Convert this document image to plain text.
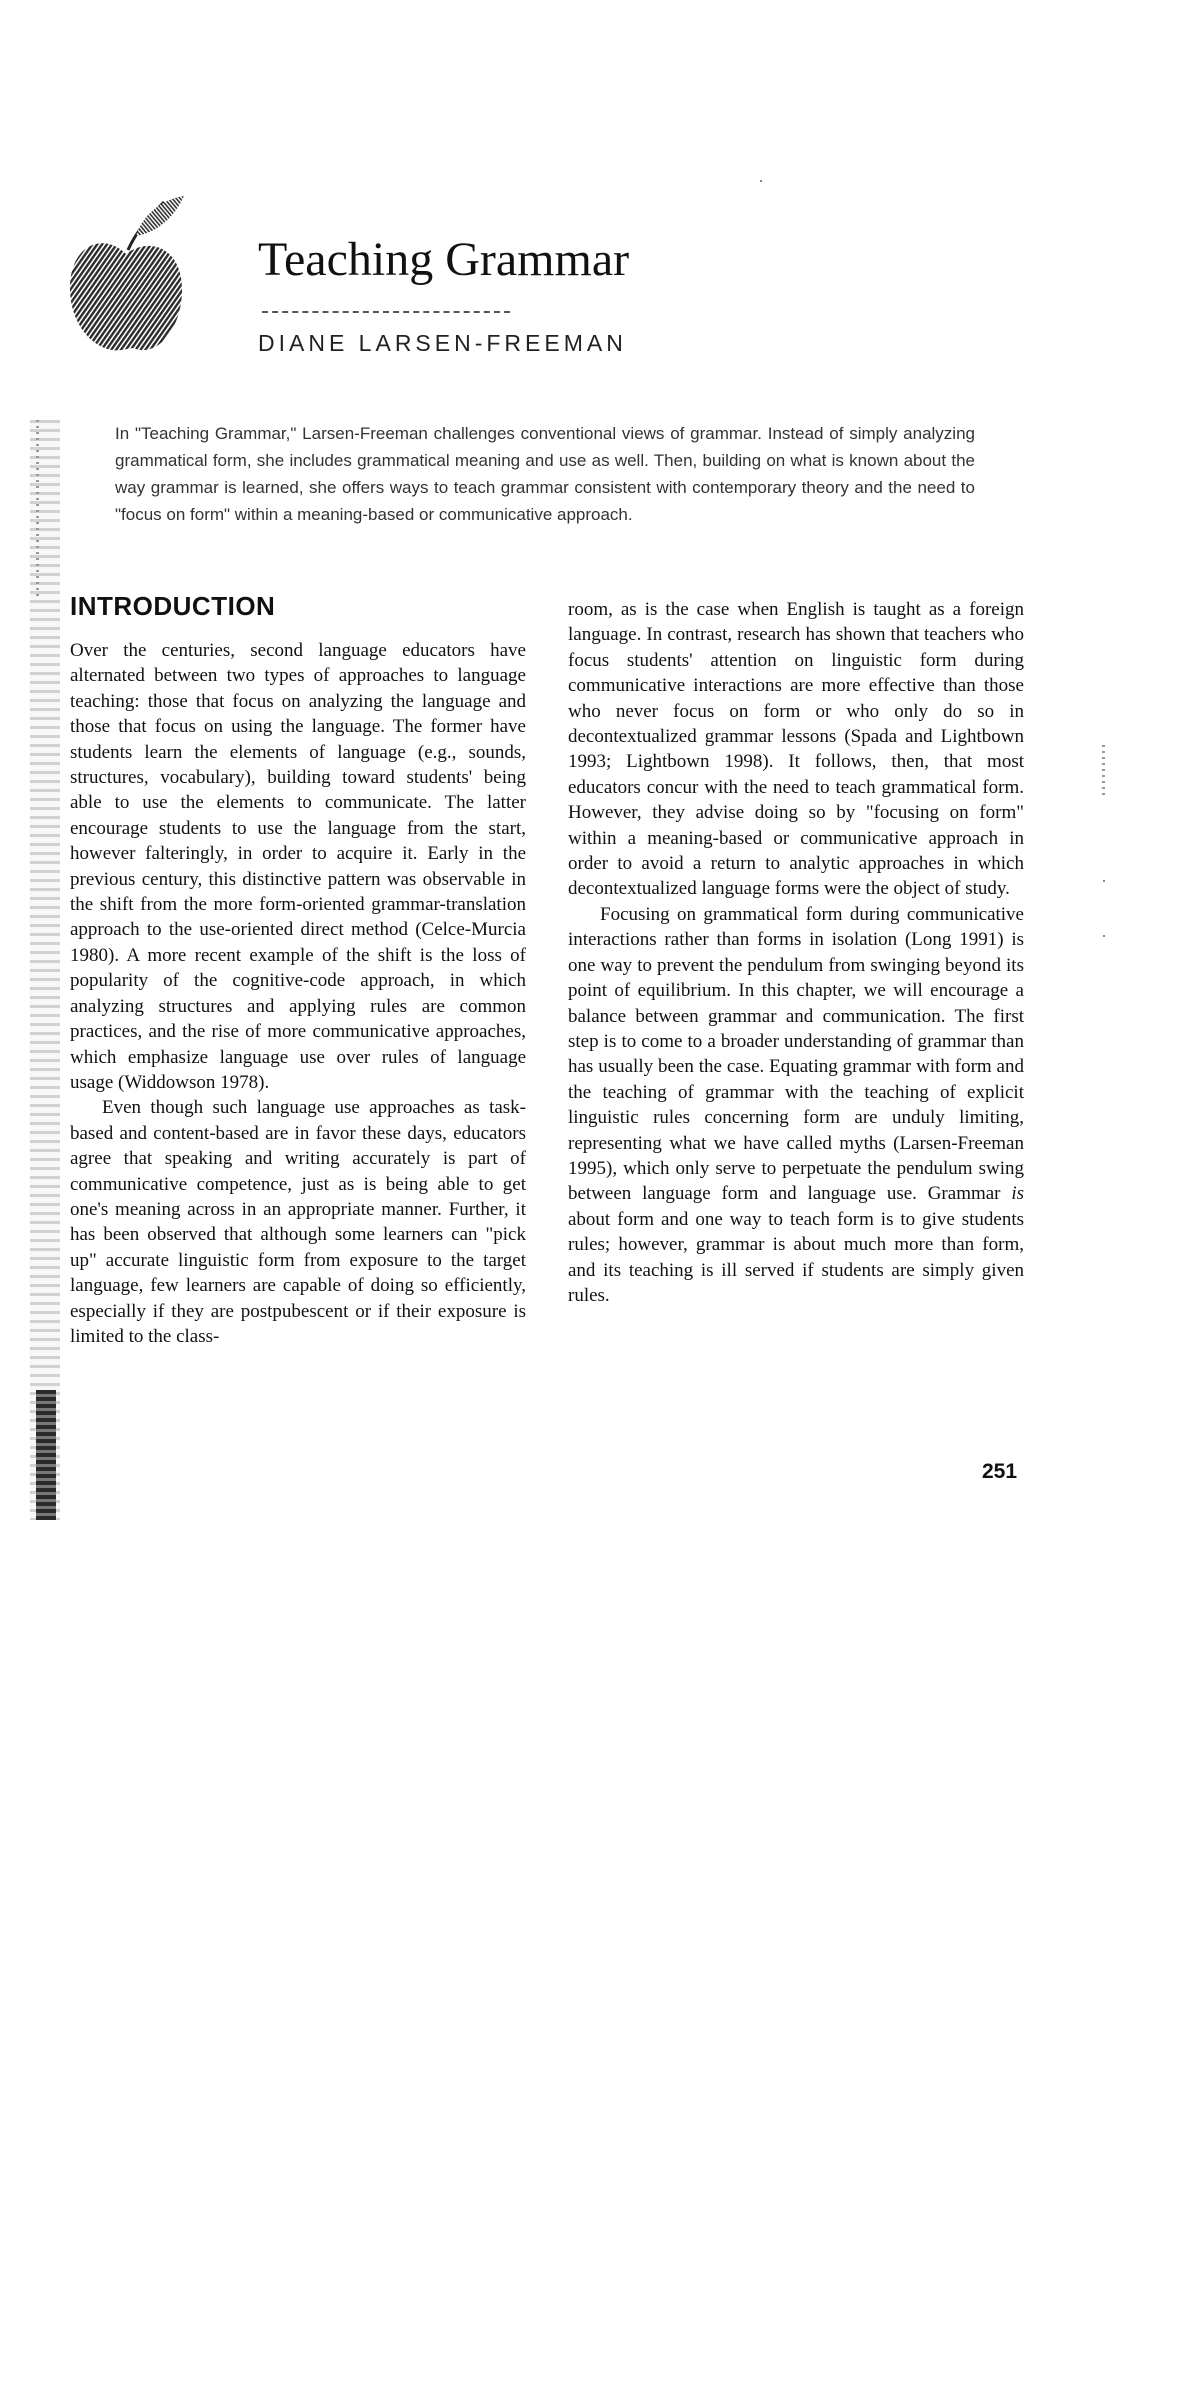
Teaching Grammar
DIANE LARSEN-FREEMAN

In "Teaching Grammar," Larsen-Freeman challenges conventional views of grammar. Instead of simply analyzing grammatical form, she includes grammatical meaning and use as well. Then, building on what is known about the way grammar is learned, she offers ways to teach grammar consistent with contemporary theory and the need to "focus on form" within a meaning-based or communicative approach.

INTRODUCTION

Over the centuries, second language educators have alternated between two types of approaches to language teaching: those that focus on analyzing the language and those that focus on using the language. The former have students learn the elements of language (e.g., sounds, structures, vocabulary), building toward students' being able to use the elements to communicate. The latter encourage students to use the language from the start, however falteringly, in order to acquire it. Early in the previous century, this distinctive pattern was observable in the shift from the more form-oriented grammar-translation approach to the use-oriented direct method (Celce-Murcia 1980). A more recent example of the shift is the loss of popularity of the cognitive-code approach, in which analyzing structures and applying rules are common practices, and the rise of more communicative approaches, which emphasize language use over rules of language usage (Widdowson 1978).

Even though such language use approaches as task-based and content-based are in favor these days, educators agree that speaking and writing accurately is part of communicative competence, just as is being able to get one's meaning across in an appropriate manner. Further, it has been observed that although some learners can "pick up" accurate linguistic form from exposure to the target language, few learners are capable of doing so efficiently, especially if they are postpubescent or if their exposure is limited to the class-

room, as is the case when English is taught as a foreign language. In contrast, research has shown that teachers who focus students' attention on linguistic form during communicative interactions are more effective than those who never focus on form or who only do so in decontextualized grammar lessons (Spada and Lightbown 1993; Lightbown 1998). It follows, then, that most educators concur with the need to teach grammatical form. However, they advise doing so by "focusing on form" within a meaning-based or communicative approach in order to avoid a return to analytic approaches in which decontextualized language forms were the object of study.

Focusing on grammatical form during communicative interactions rather than forms in isolation (Long 1991) is one way to prevent the pendulum from swinging beyond its point of equilibrium. In this chapter, we will encourage a balance between grammar and communication. The first step is to come to a broader understanding of grammar than has usually been the case. Equating grammar with form and the teaching of grammar with the teaching of explicit linguistic rules concerning form are unduly limiting, representing what we have called myths (Larsen-Freeman 1995), which only serve to perpetuate the pendulum swing between language form and language use. Grammar is about form and one way to teach form is to give students rules; however, grammar is about much more than form, and its teaching is ill served if students are simply given rules.

251
